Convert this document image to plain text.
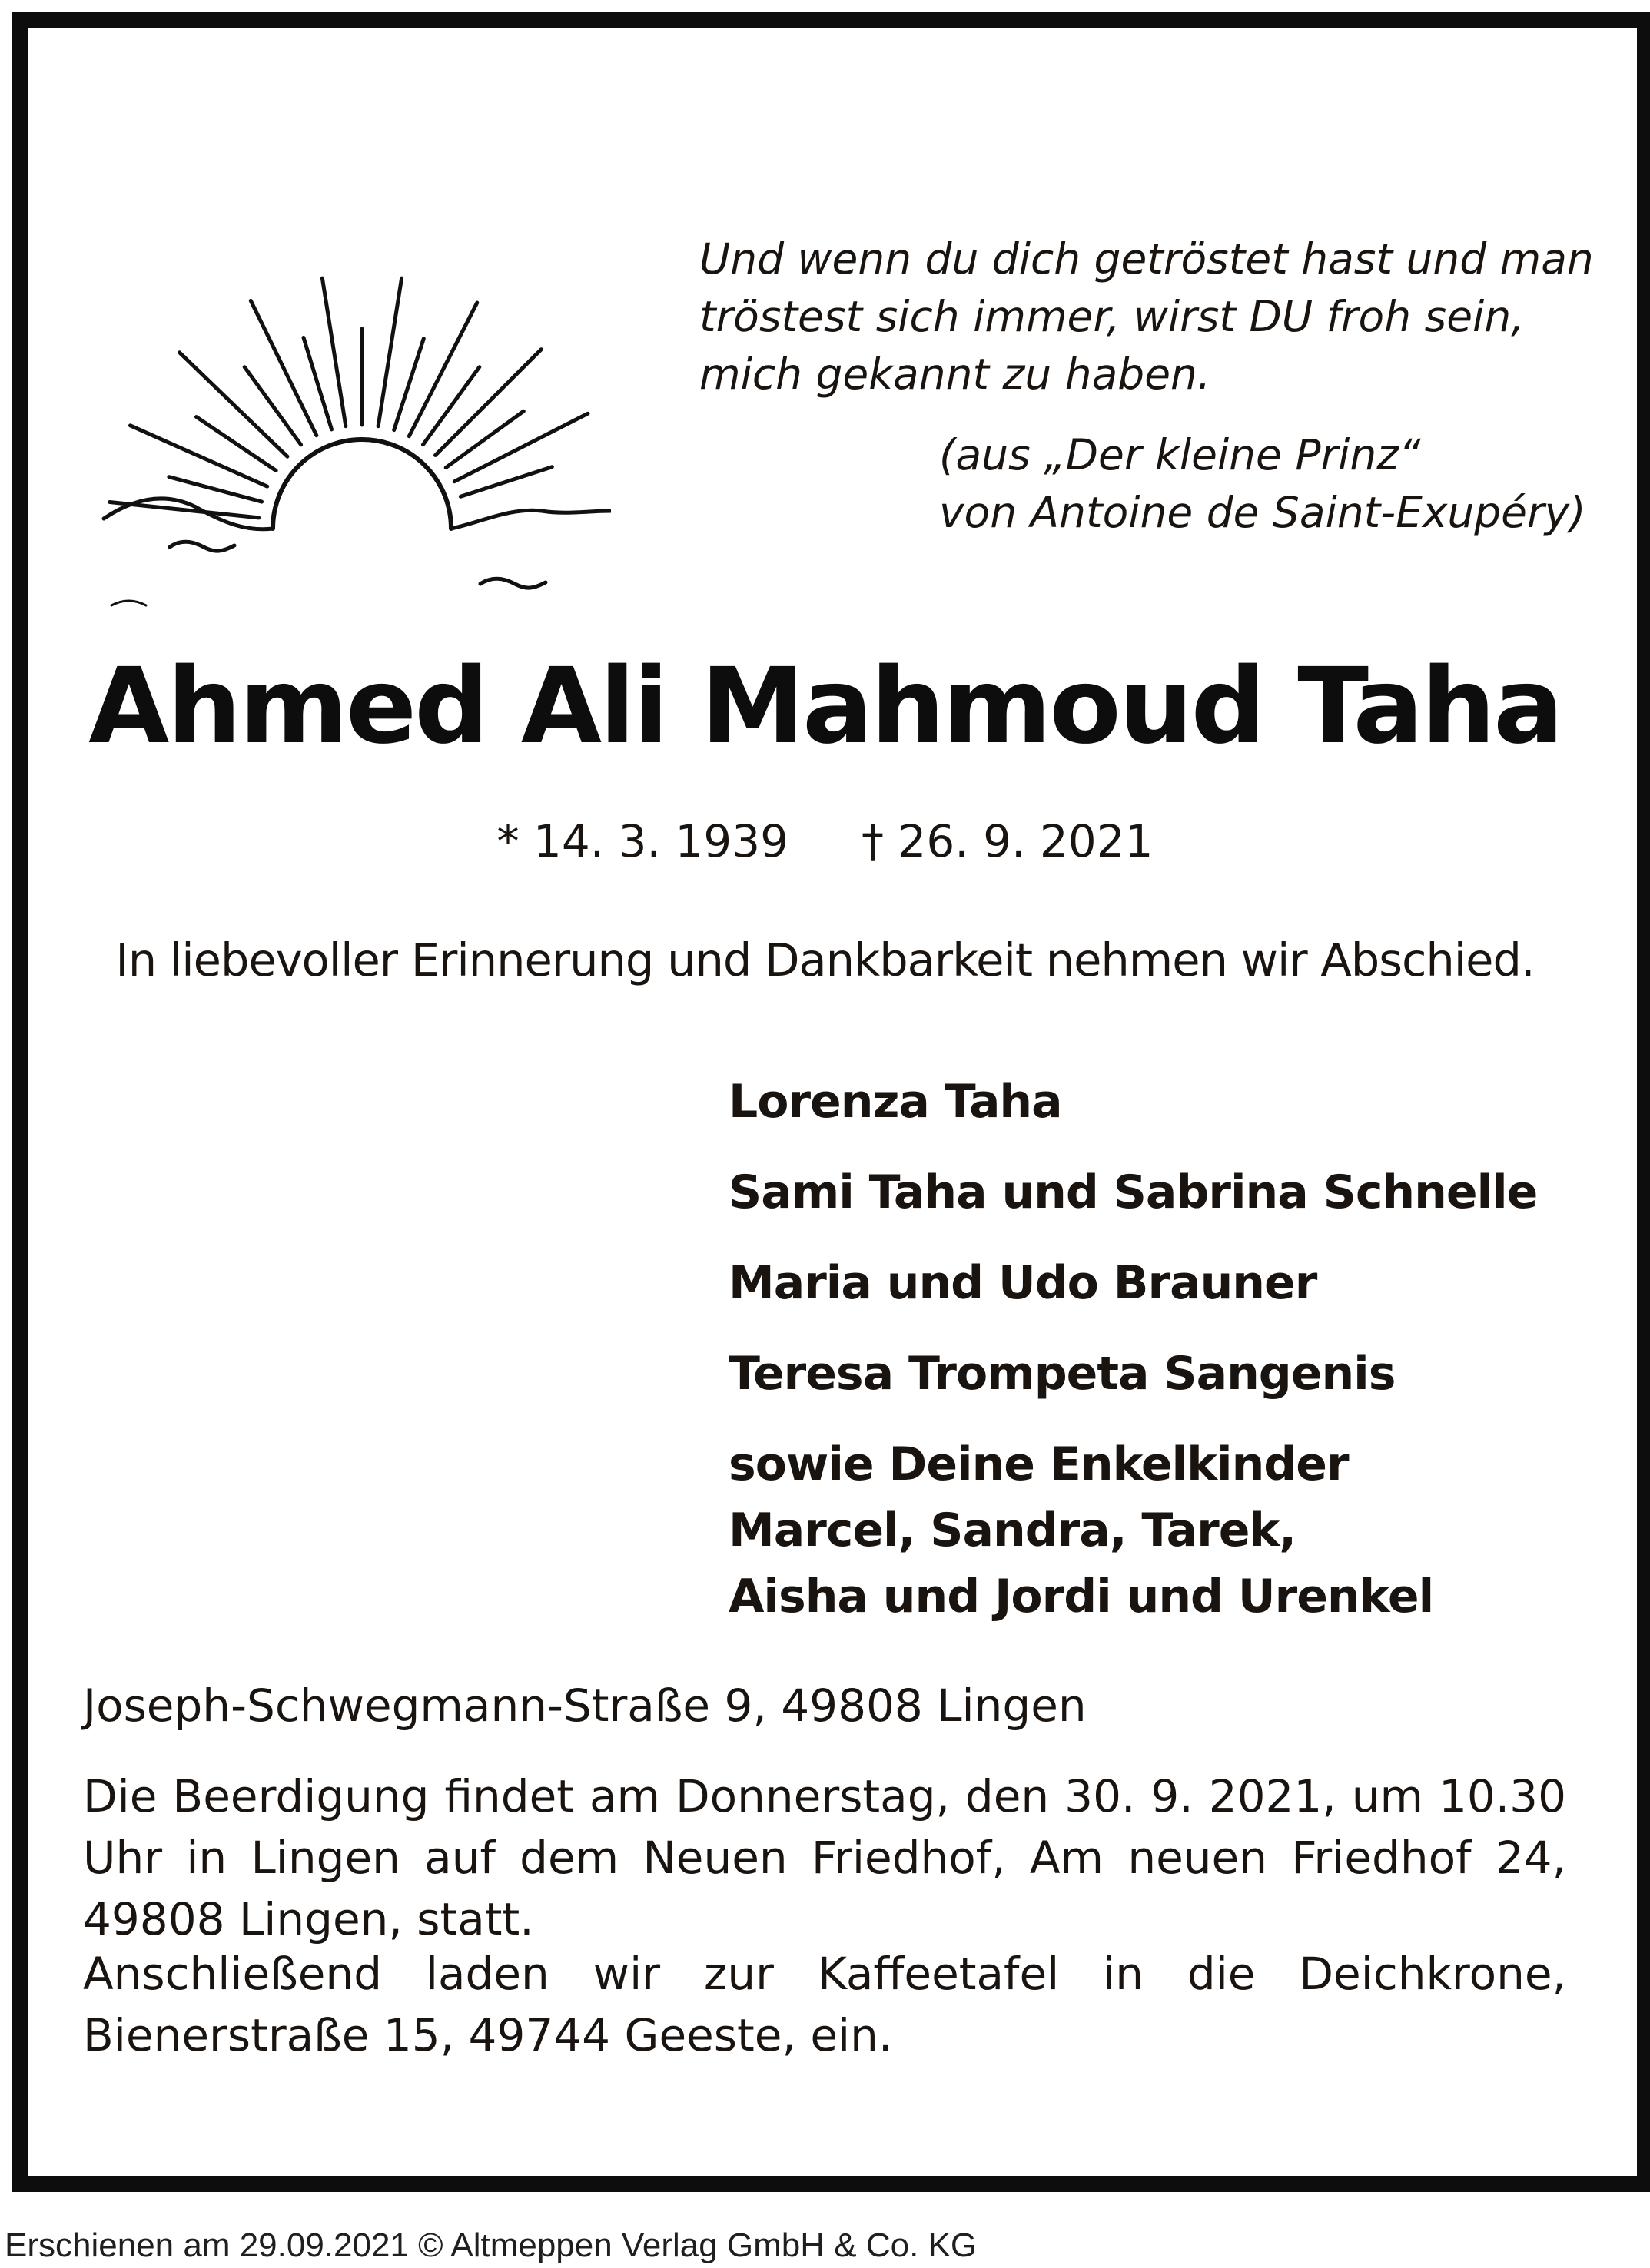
Und wenn du dich getröstet hast und man
tröstest sich immer, wirst DU froh sein,
mich gekannt zu haben.
(aus „Der kleine Prinz“
von Antoine de Saint-Exupéry)
Ahmed Ali Mahmoud Taha
* 14. 3. 1939 † 26. 9. 2021
In liebevoller Erinnerung und Dankbarkeit nehmen wir Abschied.
Lorenza Taha
Sami Taha und Sabrina Schnelle
Maria und Udo Brauner
Teresa Trompeta Sangenis
sowie Deine Enkelkinder
Marcel, Sandra, Tarek,
Aisha und Jordi und Urenkel
Joseph-Schwegmann-Straße 9, 49808 Lingen
Die Beerdigung findet am Donnerstag, den 30. 9. 2021, um 10.30 Uhr in Lingen auf dem Neuen Friedhof, Am neuen Friedhof 24, 49808 Lingen, statt.
Anschließend laden wir zur Kaffeetafel in die Deichkrone, Bienerstraße 15, 49744 Geeste, ein.
Erschienen am 29.09.2021 © Altmeppen Verlag GmbH & Co. KG
